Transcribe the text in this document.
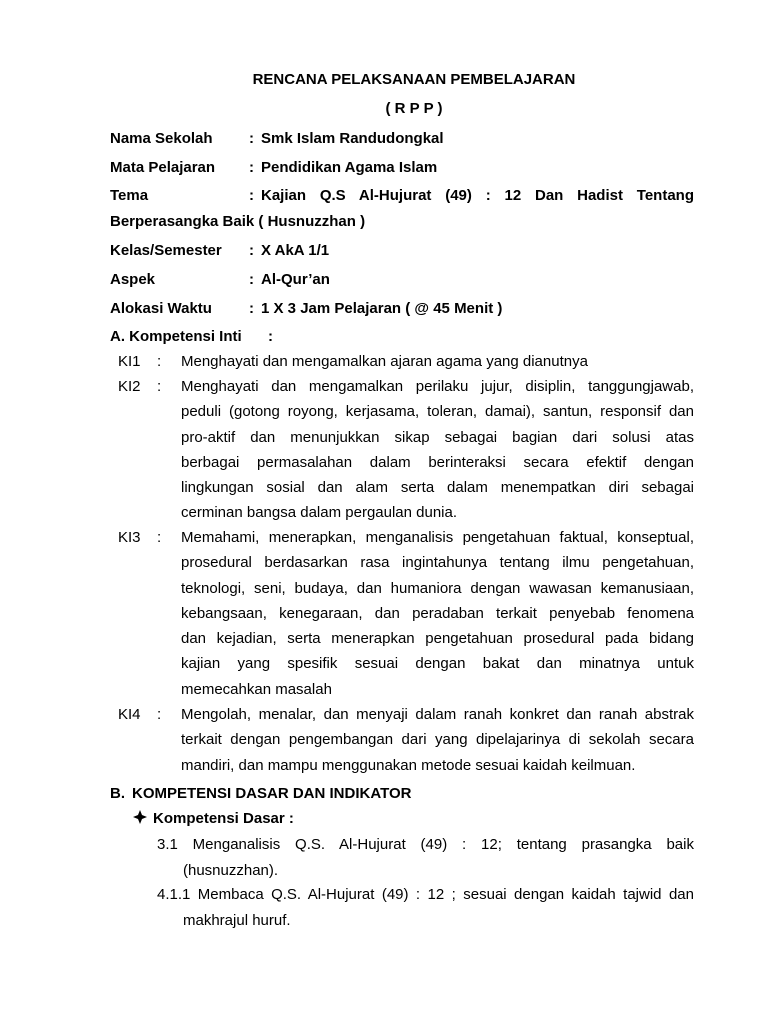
RENCANA PELAKSANAAN PEMBELAJARAN
( R P P )
Nama Sekolah : Smk Islam Randudongkal
Mata Pelajaran : Pendidikan Agama Islam
Tema	: Kajian Q.S Al-Hujurat (49) : 12 Dan Hadist Tentang
Berperasangka Baik ( Husnuzzhan )
Kelas/Semester : X AkA 1/1
Aspek	: Al-Qur’an
Alokasi Waktu : 1 X 3 Jam Pelajaran ( @ 45 Menit )
A. Kompetensi Inti :
KI1 : Menghayati dan mengamalkan ajaran agama yang dianutnya
KI2 : Menghayati dan mengamalkan perilaku jujur, disiplin, tanggungjawab,
peduli (gotong royong, kerjasama, toleran, damai), santun, responsif dan
pro-aktif dan menunjukkan sikap sebagai bagian dari solusi atas
berbagai permasalahan dalam berinteraksi secara efektif dengan
lingkungan sosial dan alam serta dalam menempatkan diri sebagai
cerminan bangsa dalam pergaulan dunia.
KI3 : Memahami, menerapkan, menganalisis pengetahuan faktual, konseptual,
prosedural berdasarkan rasa ingintahunya tentang ilmu pengetahuan,
teknologi, seni, budaya, dan humaniora dengan wawasan kemanusiaan,
kebangsaan, kenegaraan, dan peradaban terkait penyebab fenomena
dan kejadian, serta menerapkan pengetahuan prosedural pada bidang
kajian yang spesifik sesuai dengan bakat dan minatnya untuk
memecahkan masalah
KI4 : Mengolah, menalar, dan menyaji dalam ranah konkret dan ranah abstrak
terkait dengan pengembangan dari yang dipelajarinya di sekolah secara
mandiri, dan mampu menggunakan metode sesuai kaidah keilmuan.
B. KOMPETENSI DASAR DAN INDIKATOR
Kompetensi Dasar :
3.1 Menganalisis Q.S. Al-Hujurat (49) : 12; tentang prasangka baik
(husnuzzhan).
4.1.1 Membaca Q.S. Al-Hujurat (49) : 12 ; sesuai dengan kaidah tajwid dan
makhrajul huruf.
